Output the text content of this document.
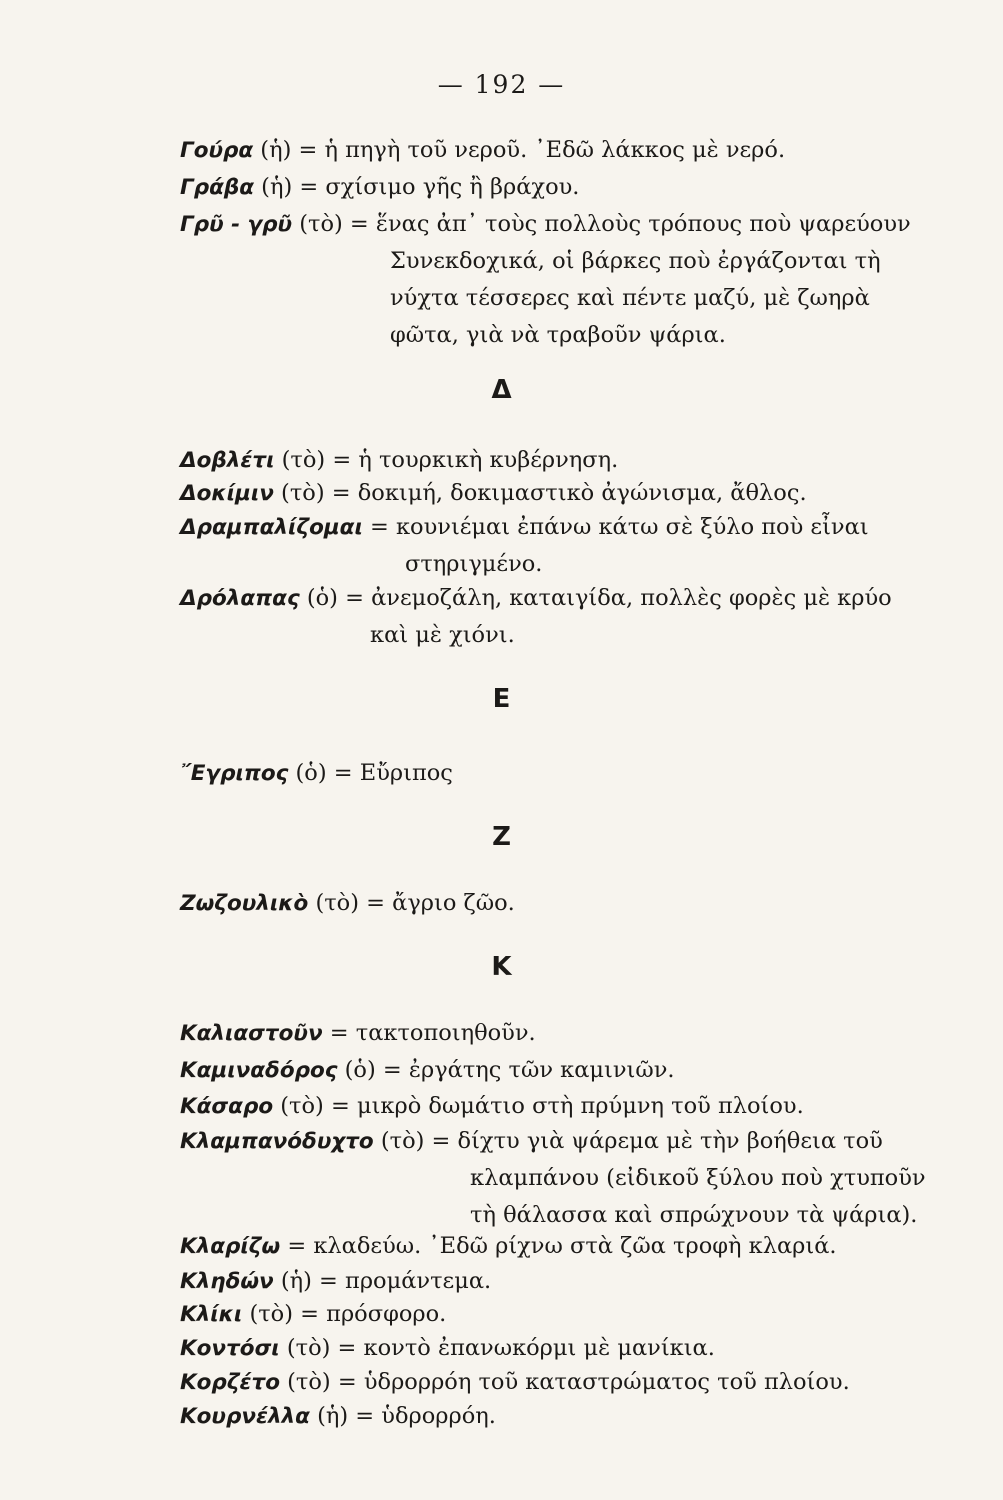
— 192 —
Γούρα (ἡ) = ἡ πηγὴ τοῦ νεροῦ. ᾿Εδῶ λάκκος μὲ νερό.
Γράβα (ἡ) = σχίσιμο γῆς ἢ βράχου.
Γρῦ - γρῦ (τὸ) = ἕνας ἀπ᾿ τοὺς πολλοὺς τρόπους ποὺ ψαρεύουν
Συνεκδοχικά, οἱ βάρκες ποὺ ἐργάζονται τὴ
νύχτα τέσσερες καὶ πέντε μαζύ, μὲ ζωηρὰ
φῶτα, γιὰ νὰ τραβοῦν ψάρια.
Δ
Δοβλέτι (τὸ) = ἡ τουρκικὴ κυβέρνηση.
Δοκίμιν (τὸ) = δοκιμή, δοκιμαστικὸ ἀγώνισμα, ἄθλος.
Δραμπαλίζομαι = κουνιέμαι ἐπάνω κάτω σὲ ξύλο ποὺ εἶναι
στηριγμένο.
Δρόλαπας (ὁ) = ἀνεμοζάλη, καταιγίδα, πολλὲς φορὲς μὲ κρύο
καὶ μὲ χιόνι.
Ε
῎Εγριπος (ὁ) = Εὔριπος
Ζ
Ζωζουλικὸ (τὸ) = ἄγριο ζῶο.
Κ
Καλιαστοῦν = τακτοποιηθοῦν.
Καμιναδόρος (ὁ) = ἐργάτης τῶν καμινιῶν.
Κάσαρο (τὸ) = μικρὸ δωμάτιο στὴ πρύμνη τοῦ πλοίου.
Κλαμπανόδυχτο (τὸ) = δίχτυ γιὰ ψάρεμα μὲ τὴν βοήθεια τοῦ
κλαμπάνου (εἰδικοῦ ξύλου ποὺ χτυποῦν
τὴ θάλασσα καὶ σπρώχνουν τὰ ψάρια).
Κλαρίζω = κλαδεύω. ᾿Εδῶ ρίχνω στὰ ζῶα τροφὴ κλαριά.
Κληδών (ἡ) = προμάντεμα.
Κλίκι (τὸ) = πρόσφορο.
Κοντόσι (τὸ) = κοντὸ ἐπανωκόρμι μὲ μανίκια.
Κορζέτο (τὸ) = ὑδρορρόη τοῦ καταστρώματος τοῦ πλοίου.
Κουρνέλλα (ἡ) = ὑδρορρόη.
